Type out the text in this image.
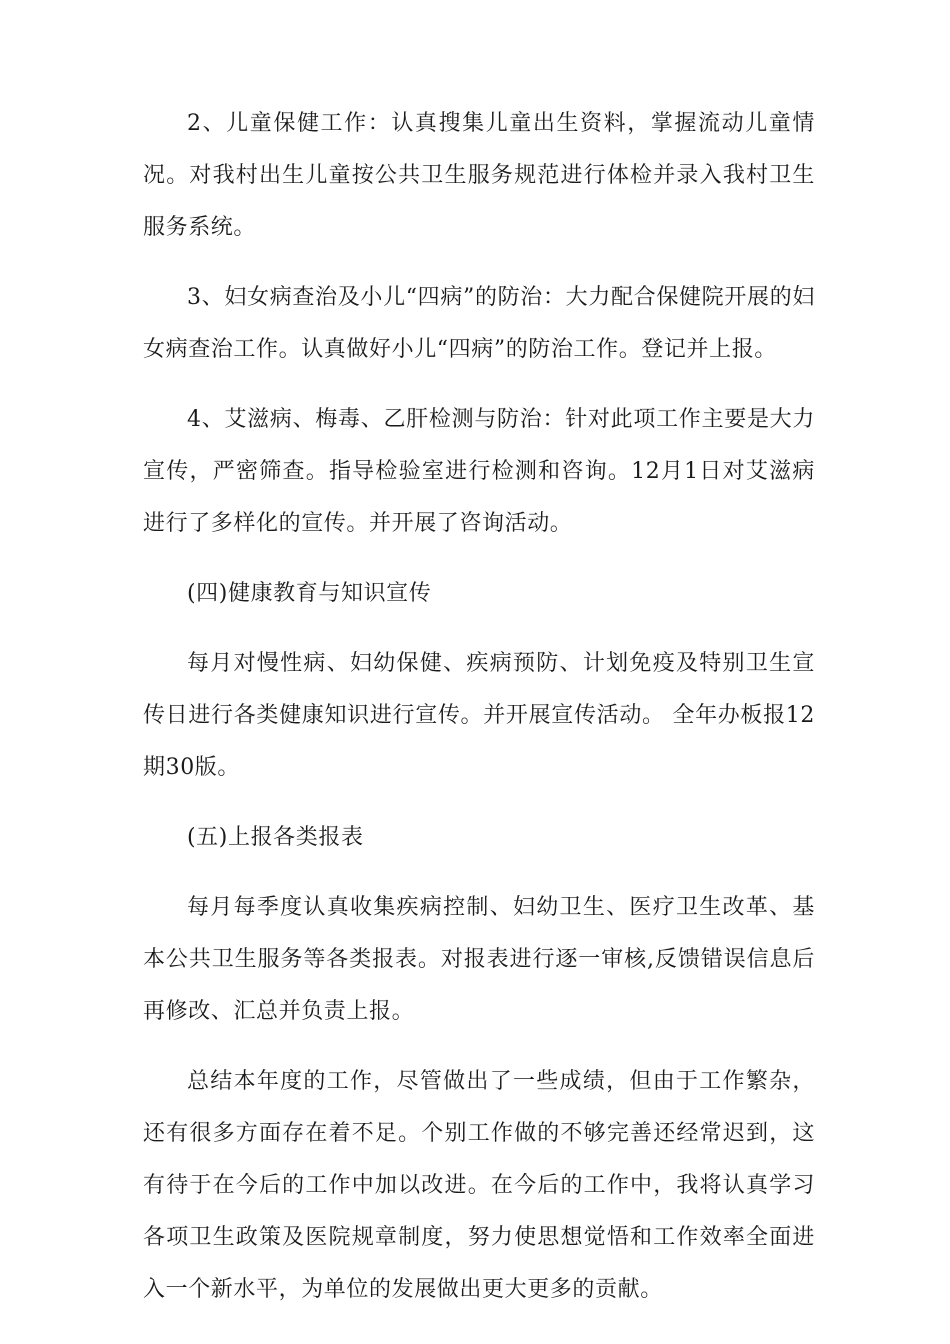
2、儿童保健工作：认真搜集儿童出生资料，掌握流动儿童情况。对我村出生儿童按公共卫生服务规范进行体检并录入我村卫生服务系统。

3、妇女病查治及小儿“四病”的防治：大力配合保健院开展的妇女病查治工作。认真做好小儿“四病”的防治工作。登记并上报。

4、艾滋病、梅毒、乙肝检测与防治：针对此项工作主要是大力宣传，严密筛查。指导检验室进行检测和咨询。12月1日对艾滋病进行了多样化的宣传。并开展了咨询活动。

(四)健康教育与知识宣传

每月对慢性病、妇幼保健、疾病预防、计划免疫及特别卫生宣传日进行各类健康知识进行宣传。并开展宣传活动。 全年办板报12期30版。

(五)上报各类报表

每月每季度认真收集疾病控制、妇幼卫生、医疗卫生改革、基本公共卫生服务等各类报表。对报表进行逐一审核,反馈错误信息后再修改、汇总并负责上报。

总结本年度的工作，尽管做出了一些成绩，但由于工作繁杂，还有很多方面存在着不足。个别工作做的不够完善还经常迟到，这有待于在今后的工作中加以改进。在今后的工作中，我将认真学习各项卫生政策及医院规章制度，努力使思想觉悟和工作效率全面进入一个新水平，为单位的发展做出更大更多的贡献。
